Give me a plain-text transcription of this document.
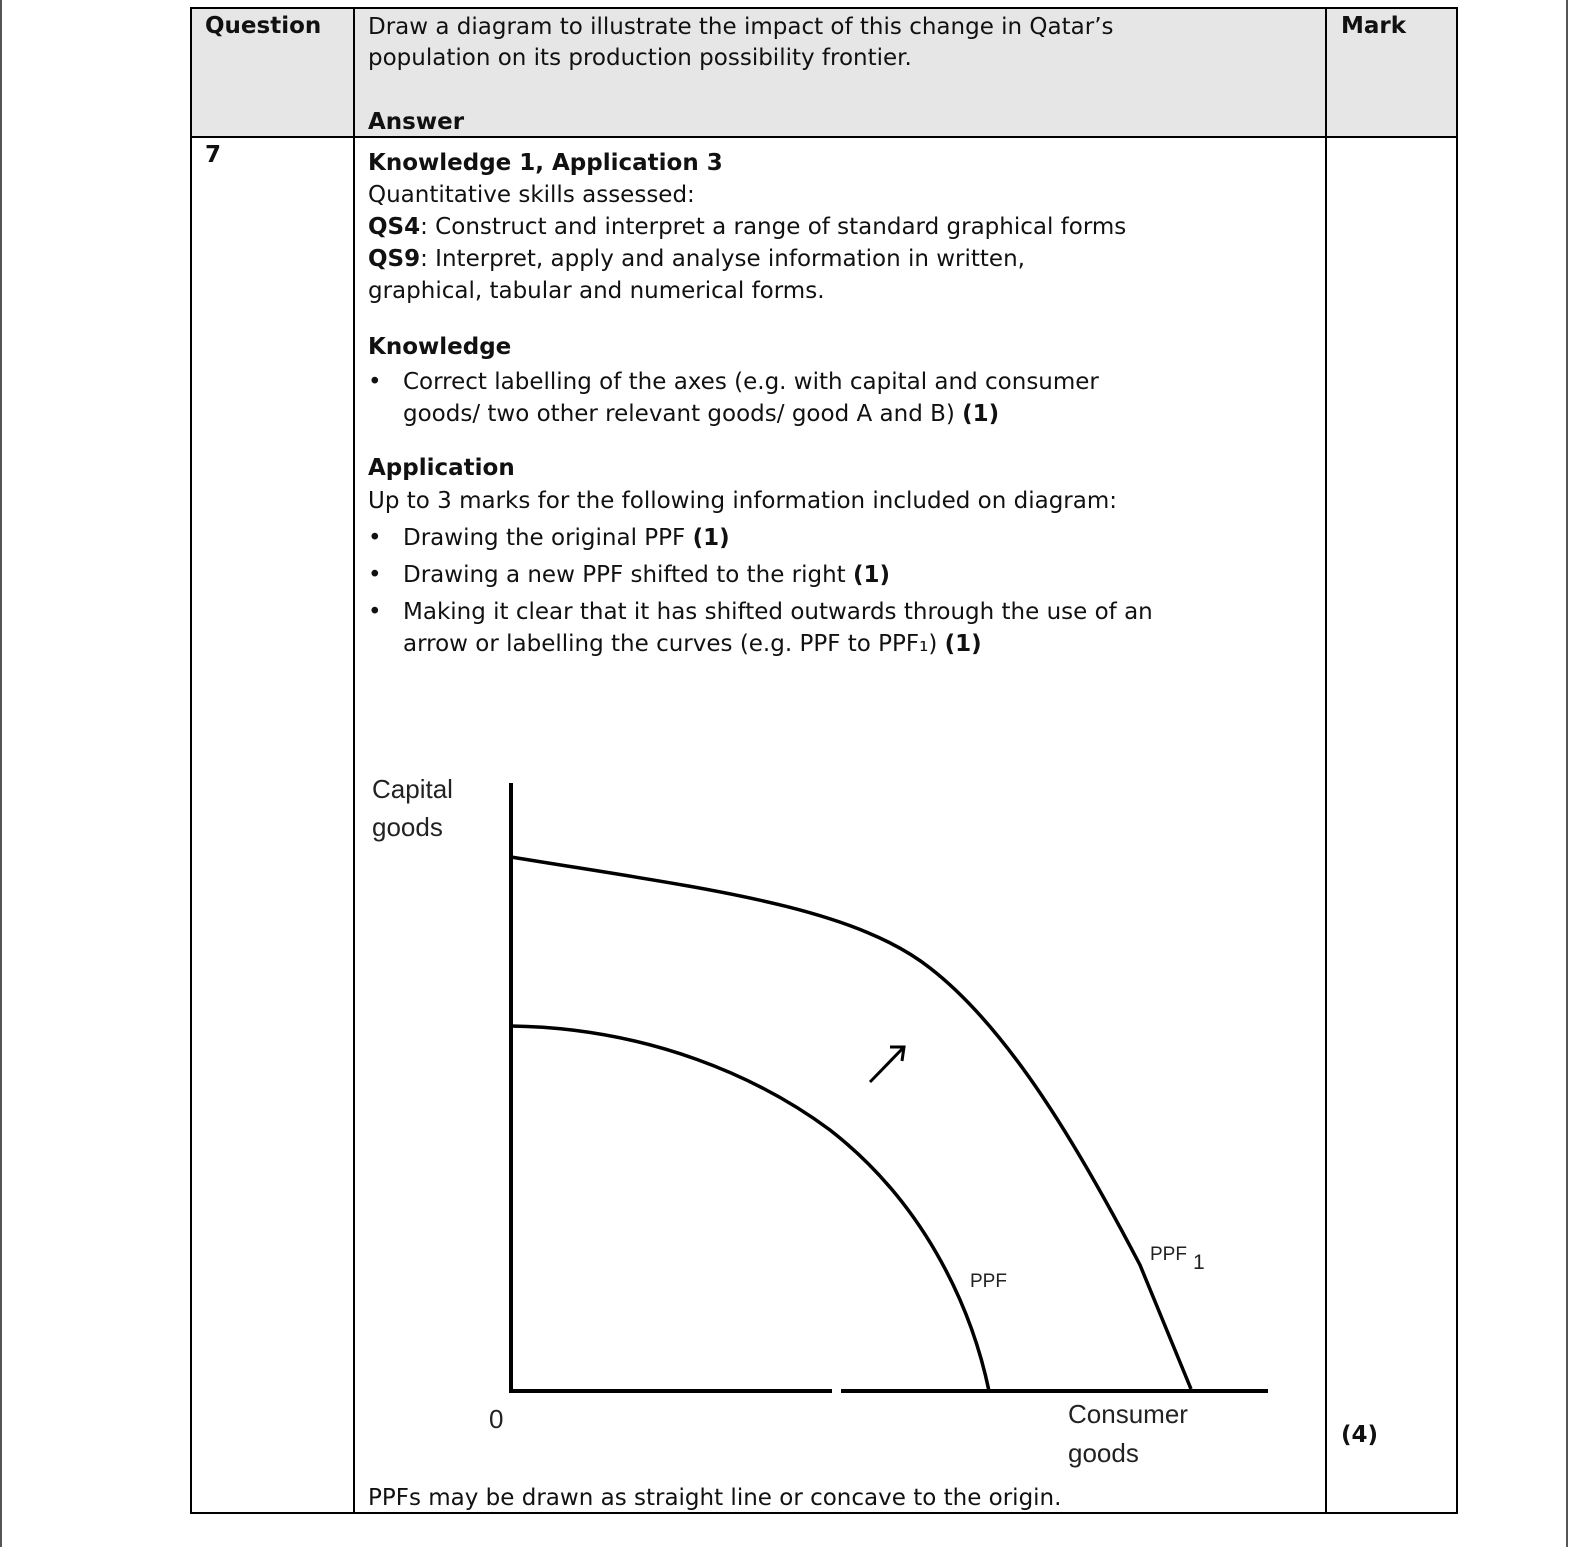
Question Draw a diagram to illustrate the impact of this change in Qatar’s
population on its production possibility frontier.
Answer
Mark
7	Knowledge 1, Application 3
Quantitative skills assessed:
QS4: Construct and interpret a range of standard graphical forms
QS9: Interpret, apply and analyse information in written,
graphical, tabular and numerical forms.
Knowledge
• Correct labelling of the axes (e.g. with capital and consumer
goods/ two other relevant goods/ good A and B) (1)
Application
Up to 3 marks for the following information included on diagram:
• Drawing the original PPF (1)
• Drawing a new PPF shifted to the right (1)
• Making it clear that it has shifted outwards through the use of an
arrow or labelling the curves (e.g. PPF to PPF₁) (1)
Capital
goods
0	Consumer
goods
PPF
PPF 1
PPFs may be drawn as straight line or concave to the origin.
(4)
